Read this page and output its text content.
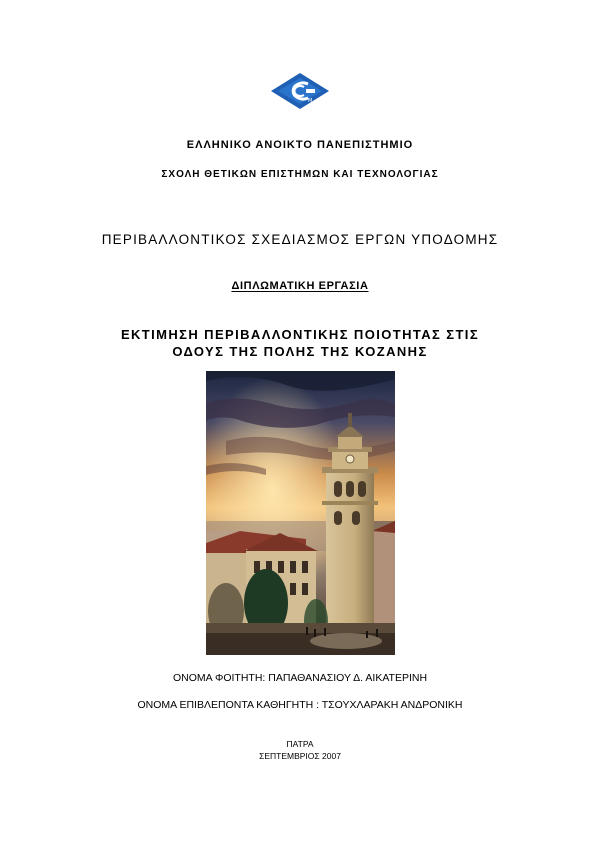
M
ΕΛΛΗΝΙΚΟ ΑΝΟΙΚΤΟ ΠΑΝΕΠΙΣΤΗΜΙΟ
ΣΧΟΛΗ ΘΕΤΙΚΩΝ ΕΠΙΣΤΗΜΩΝ ΚΑΙ ΤΕΧΝΟΛΟΓΙΑΣ
ΠΕΡΙΒΑΛΛΟΝΤΙΚΟΣ ΣΧΕΔΙΑΣΜΟΣ ΕΡΓΩΝ ΥΠΟΔΟΜΗΣ
ΔΙΠΛΩΜΑΤΙΚΗ ΕΡΓΑΣΙΑ
ΕΚΤΙΜΗΣΗ ΠΕΡΙΒΑΛΛΟΝΤΙΚΗΣ ΠΟΙΟΤΗΤΑΣ ΣΤΙΣ
ΟΔΟΥΣ ΤΗΣ ΠΟΛΗΣ ΤΗΣ ΚΟΖΑΝΗΣ
ΟΝΟΜΑ ΦΟΙΤΗΤΗ: ΠΑΠΑΘΑΝΑΣΙΟΥ Δ. ΑΙΚΑΤΕΡΙΝΗ
ΟΝΟΜΑ ΕΠΙΒΛΕΠΟΝΤΑ ΚΑΘΗΓΗΤΗ : ΤΣΟΥΧΛΑΡΑΚΗ ΑΝΔΡΟΝΙΚΗ
ΠΑΤΡΑ
ΣΕΠΤΕΜΒΡΙΟΣ 2007
